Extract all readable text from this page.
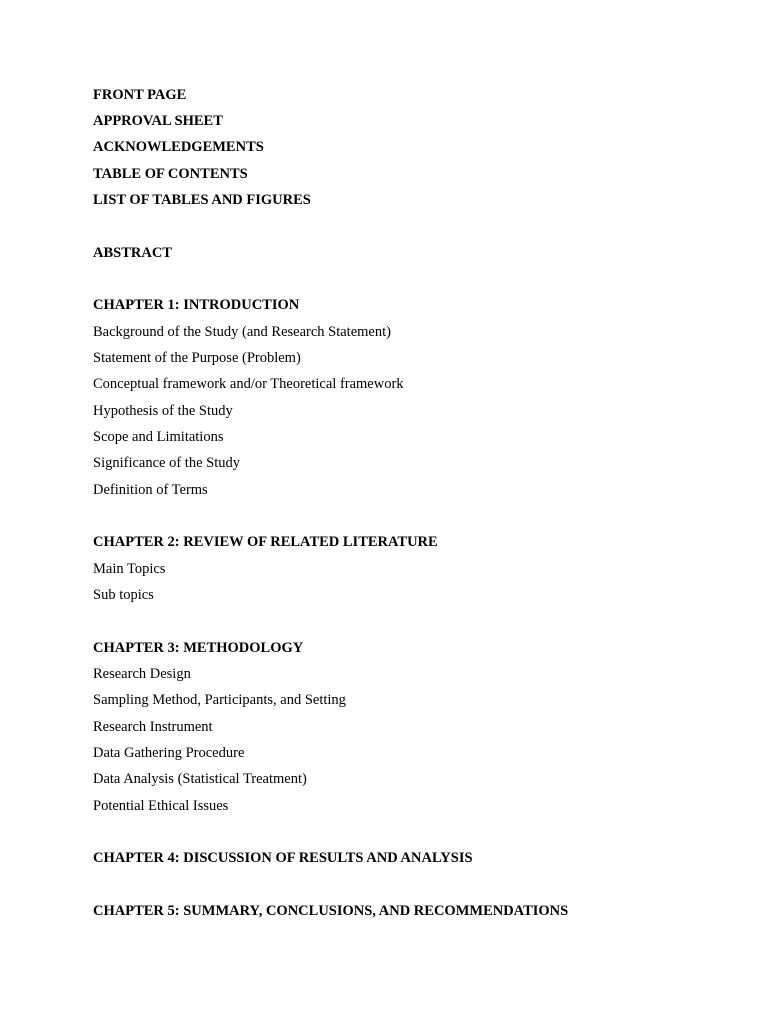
FRONT PAGE
APPROVAL SHEET
ACKNOWLEDGEMENTS
TABLE OF CONTENTS
LIST OF TABLES AND FIGURES
ABSTRACT
CHAPTER 1: INTRODUCTION
Background of the Study (and Research Statement)
Statement of the Purpose (Problem)
Conceptual framework and/or Theoretical framework
Hypothesis of the Study
Scope and Limitations
Significance of the Study
Definition of Terms
CHAPTER 2: REVIEW OF RELATED LITERATURE
Main Topics
Sub topics
CHAPTER 3: METHODOLOGY
Research Design
Sampling Method, Participants, and Setting
Research Instrument
Data Gathering Procedure
Data Analysis (Statistical Treatment)
Potential Ethical Issues
CHAPTER 4: DISCUSSION OF RESULTS AND ANALYSIS
CHAPTER 5: SUMMARY, CONCLUSIONS, AND RECOMMENDATIONS
